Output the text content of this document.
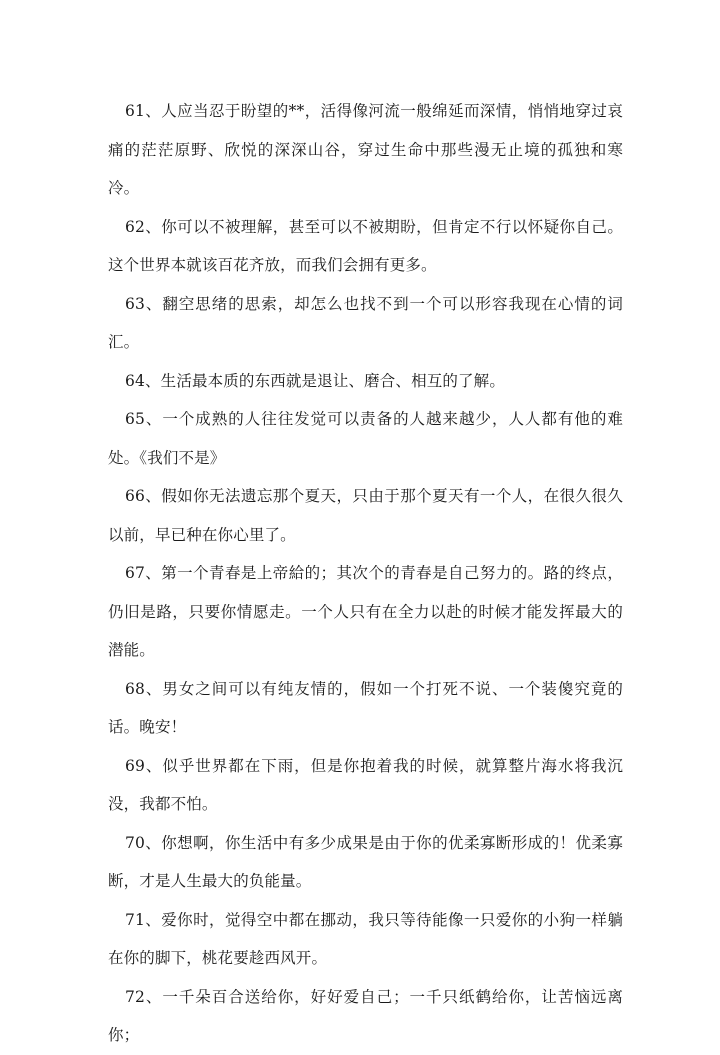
61、人应当忍于盼望的**，活得像河流一般绵延而深情，悄悄地穿过哀痛的茫茫原野、欣悦的深深山谷，穿过生命中那些漫无止境的孤独和寒冷。

62、你可以不被理解，甚至可以不被期盼，但肯定不行以怀疑你自己。这个世界本就该百花齐放，而我们会拥有更多。

63、翻空思绪的思索，却怎么也找不到一个可以形容我现在心情的词汇。

64、生活最本质的东西就是退让、磨合、相互的了解。

65、一个成熟的人往往发觉可以责备的人越来越少，人人都有他的难处。《我们不是》

66、假如你无法遗忘那个夏天，只由于那个夏天有一个人，在很久很久以前，早已种在你心里了。

67、第一个青春是上帝給的；其次个的青春是自己努力的。路的终点，仍旧是路，只要你情愿走。一个人只有在全力以赴的时候才能发挥最大的潜能。

68、男女之间可以有纯友情的，假如一个打死不说、一个装傻究竟的话。晚安！

69、似乎世界都在下雨，但是你抱着我的时候，就算整片海水将我沉没，我都不怕。

70、你想啊，你生活中有多少成果是由于你的优柔寡断形成的！优柔寡断，才是人生最大的负能量。

71、爱你时，觉得空中都在挪动，我只等待能像一只爱你的小狗一样躺在你的脚下，桃花要趁西风开。

72、一千朵百合送给你，好好爱自己；一千只纸鹤给你，让苦恼远离你；
